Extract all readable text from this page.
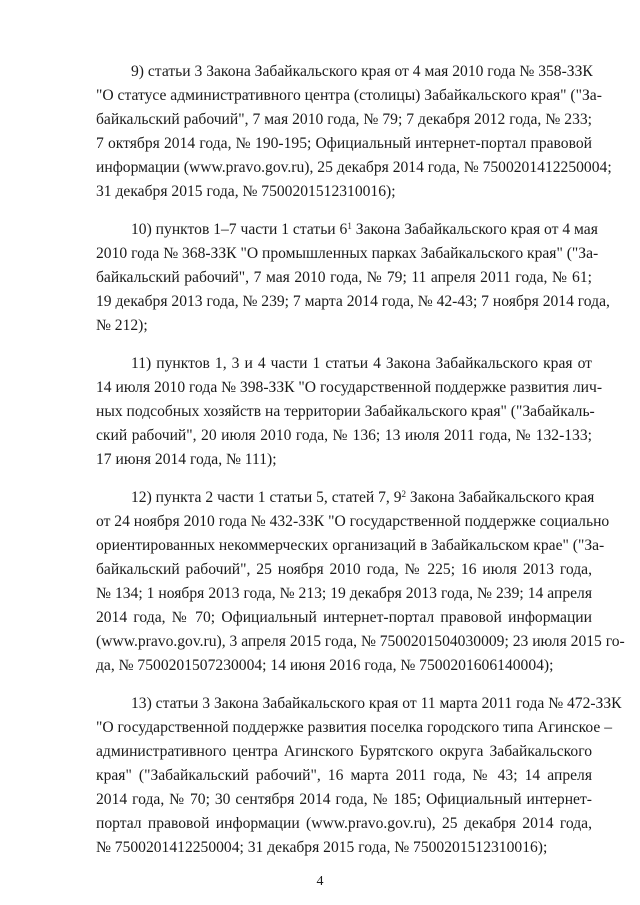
9) статьи 3 Закона Забайкальского края от 4 мая 2010 года № 358-ЗЗК
"О статусе административного центра (столицы) Забайкальского края" ("За-
байкальский рабочий", 7 мая 2010 года, № 79; 7 декабря 2012 года, № 233;
7 октября 2014 года, № 190-195; Официальный интернет-портал правовой
информации (www.pravo.gov.ru), 25 декабря 2014 года, № 7500201412250004;
31 декабря 2015 года, № 7500201512310016);
10) пунктов 1–7 части 1 статьи $6^1$ Закона Забайкальского края от 4 мая
2010 года № 368-ЗЗК "О промышленных парках Забайкальского края" ("За-
байкальский рабочий", 7 мая 2010 года, № 79; 11 апреля 2011 года, № 61;
19 декабря 2013 года, № 239; 7 марта 2014 года, № 42-43; 7 ноября 2014 года,
№ 212);
11) пунктов 1, 3 и 4 части 1 статьи 4 Закона Забайкальского края от
14 июля 2010 года № 398-ЗЗК "О государственной поддержке развития лич-
ных подсобных хозяйств на территории Забайкальского края" ("Забайкаль-
ский рабочий", 20 июля 2010 года, № 136; 13 июля 2011 года, № 132-133;
17 июня 2014 года, № 111);
12) пункта 2 части 1 статьи 5, статей 7, $9^2$ Закона Забайкальского края
от 24 ноября 2010 года № 432-ЗЗК "О государственной поддержке социально
ориентированных некоммерческих организаций в Забайкальском крае" ("За-
байкальский рабочий", 25 ноября 2010 года, № 225; 16 июля 2013 года,
№ 134; 1 ноября 2013 года, № 213; 19 декабря 2013 года, № 239; 14 апреля
2014 года, № 70; Официальный интернет-портал правовой информации
(www.pravo.gov.ru), 3 апреля 2015 года, № 7500201504030009; 23 июля 2015 го-
да, № 7500201507230004; 14 июня 2016 года, № 7500201606140004);
13) статьи 3 Закона Забайкальского края от 11 марта 2011 года № 472-ЗЗК
"О государственной поддержке развития поселка городского типа Агинское –
административного центра Агинского Бурятского округа Забайкальского
края" ("Забайкальский рабочий", 16 марта 2011 года, № 43; 14 апреля
2014 года, № 70; 30 сентября 2014 года, № 185; Официальный интернет-
портал правовой информации (www.pravo.gov.ru), 25 декабря 2014 года,
№ 7500201412250004; 31 декабря 2015 года, № 7500201512310016);
4
